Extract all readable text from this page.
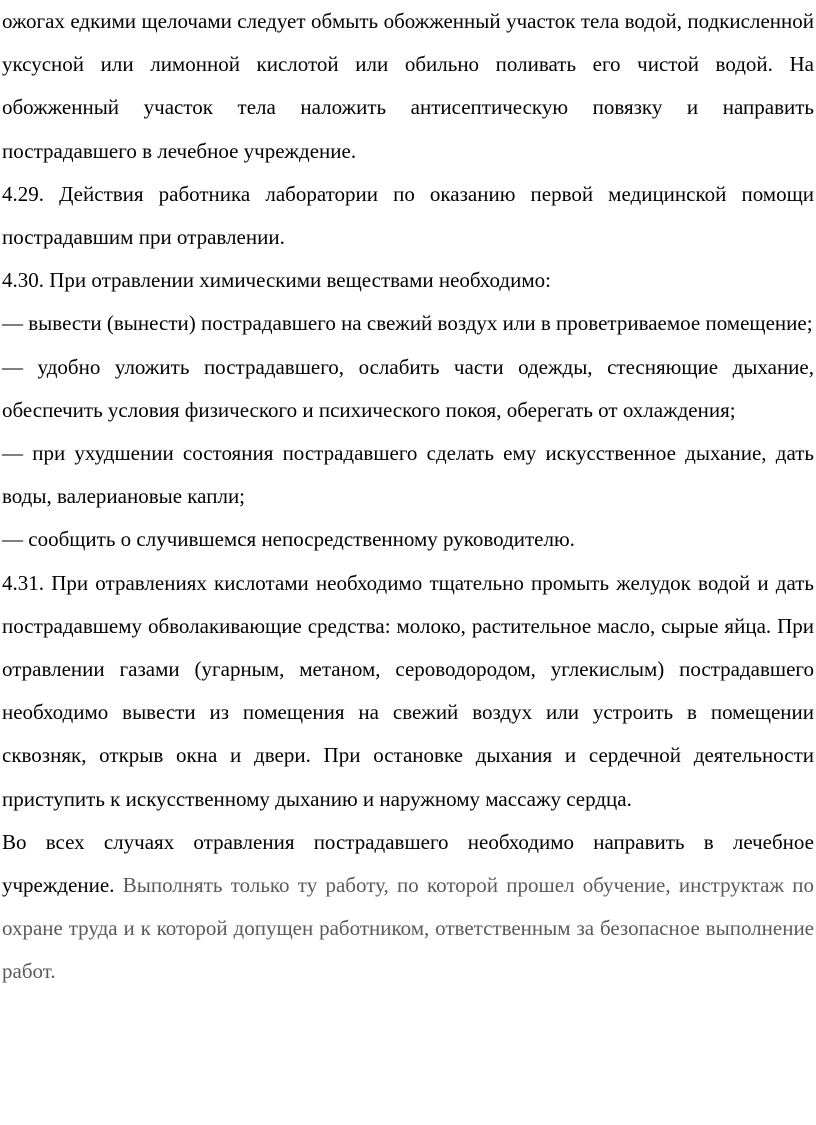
ожогах едкими щелочами следует обмыть обожженный участок тела водой, подкисленной уксусной или лимонной кислотой или обильно поливать его чистой водой. На обожженный участок тела наложить антисептическую повязку и направить пострадавшего в лечебное учреждение.

4.29. Действия работника лаборатории по оказанию первой медицинской помощи пострадавшим при отравлении.

4.30. При отравлении химическими веществами необходимо:

— вывести (вынести) пострадавшего на свежий воздух или в проветриваемое помещение;

— удобно уложить пострадавшего, ослабить части одежды, стесняющие дыхание, обеспечить условия физического и психического покоя, оберегать от охлаждения;

— при ухудшении состояния пострадавшего сделать ему искусственное дыхание, дать воды, валериановые капли;

— сообщить о случившемся непосредственному руководителю.

4.31. При отравлениях кислотами необходимо тщательно промыть желудок водой и дать пострадавшему обволакивающие средства: молоко, растительное масло, сырые яйца. При отравлении газами (угарным, метаном, сероводородом, углекислым) пострадавшего необходимо вывести из помещения на свежий воздух или устроить в помещении сквозняк, открыв окна и двери. При остановке дыхания и сердечной деятельности приступить к искусственному дыханию и наружному массажу сердца.

Во всех случаях отравления пострадавшего необходимо направить в лечебное учреждение. Выполнять только ту работу, по которой прошел обучение, инструктаж по охране труда и к которой допущен работником, ответственным за безопасное выполнение работ.
